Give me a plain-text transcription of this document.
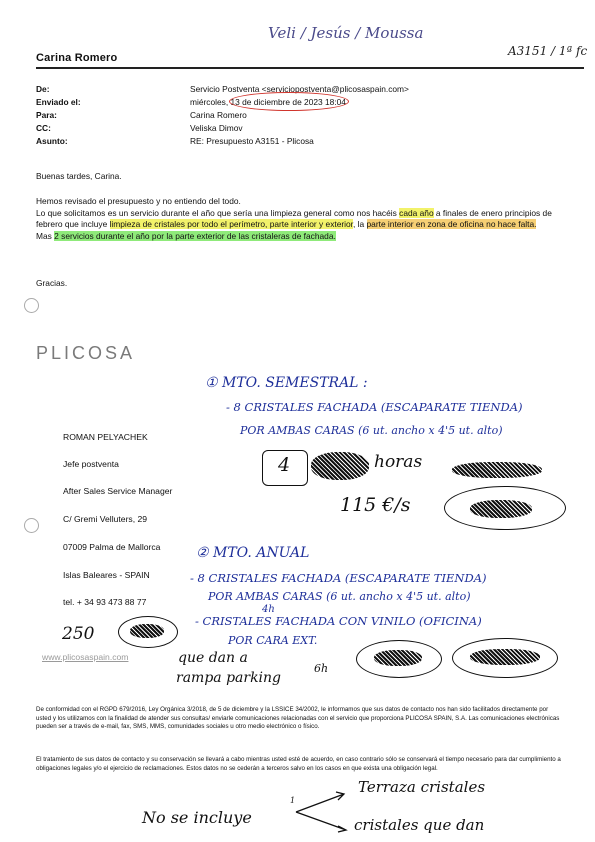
Veli / Jesús / Moussa
A3151 / 1ª fc
Carina Romero
De:	Servicio Postventa <serviciopostventa@plicosaspain.com>
Enviado el:	miércoles, 13 de diciembre de 2023 18:04
Para:	Carina Romero
CC:	Veliska Dimov
Asunto:	RE: Presupuesto A3151 - Plicosa
Buenas tardes, Carina.
Hemos revisado el presupuesto y no entiendo del todo.
Lo que solicitamos es un servicio durante el año que sería una limpieza general como nos hacéis cada año a finales de enero principios de febrero que incluye limpieza de cristales por todo el perímetro, parte interior y exterior, la parte interior en zona de oficina no hace falta.
Mas 2 servicios durante el año por la parte exterior de las cristaleras de fachada.
Gracias.
PLICOSA
ROMAN PELYACHEK
Jefe postventa
After Sales Service Manager
C/ Gremi Velluters, 29
07009 Palma de Mallorca
Islas Baleares - SPAIN
tel. + 34 93 473 88 77
www.plicosaspain.com
① MTO. SEMESTRAL :
- 8 CRISTALES FACHADA (ESCAPARATE TIENDA)
POR AMBAS CARAS (6 ut. ancho x 4'5 ut. alto)
4	horas
115 €/s
② MTO. ANUAL
- 8 CRISTALES FACHADA (ESCAPARATE TIENDA)
POR AMBAS CARAS (6 ut. ancho x 4'5 ut. alto)
4h
- CRISTALES FACHADA CON VINILO (OFICINA)
POR CARA EXT.
250
que dan a
rampa parking
6h
De conformidad con el RGPD 679/2016, Ley Orgánica 3/2018, de 5 de diciembre y la LSSICE 34/2002, le informamos que sus datos de contacto nos han sido facilitados directamente por usted y los utilizamos con la finalidad de atender sus consultas/ enviarle comunicaciones relacionadas con el servicio que proporciona PLICOSA SPAIN, S.A. Las comunicaciones electrónicas pueden ser a través de e-mail, fax, SMS, MMS, comunidades sociales u otro medio electrónico o físico.
El tratamiento de sus datos de contacto y su conservación se llevará a cabo mientras usted esté de acuerdo, en caso contrario sólo se conservará el tiempo necesario para dar cumplimiento a obligaciones legales y/o el ejercicio de reclamaciones. Estos datos no se cederán a terceros salvo en los casos en que exista una obligación legal.
No se incluye
1
Terraza cristales
cristales que dan
